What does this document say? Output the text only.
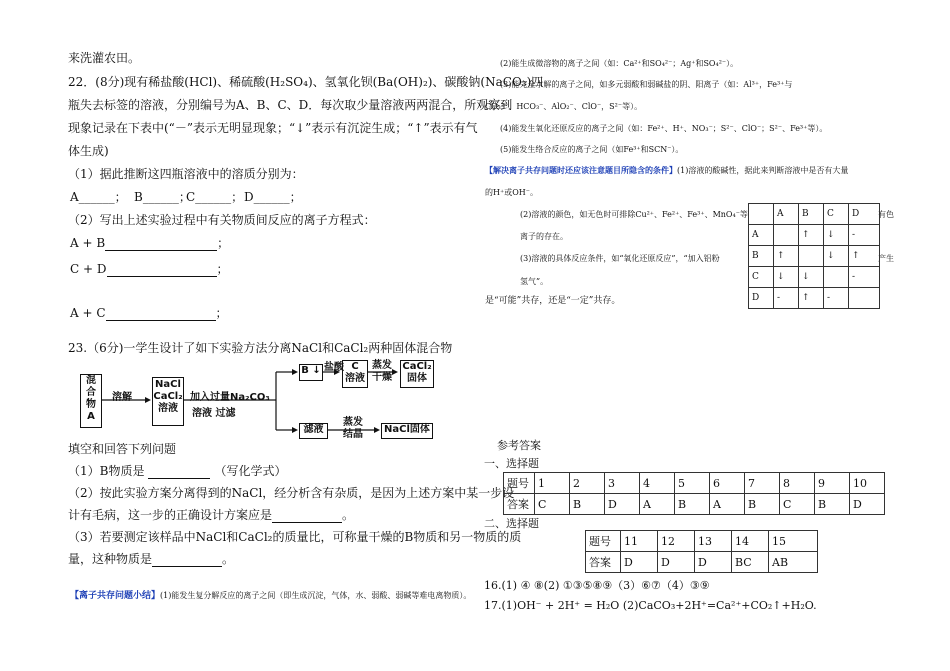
来洗灌农田。
22．(8分)现有稀盐酸(HCl)、稀硫酸(H₂SO₄)、氢氧化钡(Ba(OH)₂)、碳酸钠(NaCO₃)四
瓶失去标签的溶液，分别编号为A、B、C、D．每次取少量溶液两两混合，所观察到
现象记录在下表中(“－”表示无明显现象；“↓”表示有沉淀生成；“↑”表示有气
体生成)
（1）据此推断这四瓶溶液中的溶质分别为：
A______； B______；
C______； D______；
（2）写出上述实验过程中有关物质间反应的离子方程式：
A + B	；
C + D	；
A + C	；
23.（6分)一学生设计了如下实验方法分离NaCl和CaCl₂两种固体混合物
混
合
物
A
溶解
NaCl
CaCl₂
溶液
加入过量Na₂CO₃
溶液 过滤
B ↓ 盐酸 C
溶液
蒸发
干燥
CaCl₂
固体
滤液
蒸发
结晶	NaCl固体
填空和回答下列问题
（1）B物质是	（写化学式）
（2）按此实验方案分离得到的NaCl，经分析含有杂质，是因为上述方案中某一步设
计有毛病，这一步的正确设计方案应是	。
（3）若要测定该样品中NaCl和CaCl₂的质量比，可称量干燥的B物质和另一物质的质
量，这种物质是	。
【离子共存问题小结】(1)能发生复分解反应的离子之间（即生成沉淀，气体，水、弱酸、弱碱等难电离物质）。
(2)能生成微溶物的离子之间（如：Ca²⁺和SO₄²⁻；Ag⁺和SO₄²⁻）。
(3)能完全水解的离子之间，如多元弱酸和弱碱盐的阴、阳离子（如：Al³⁺，Fe³⁺与
CO₃²⁻、HCO₃⁻、AlO₂⁻、ClO⁻，S²⁻等）。
(4)能发生氧化还原反应的离子之间（如：Fe²⁺、H⁺、NO₃⁻；S²⁻、ClO⁻；S²⁻、Fe³⁺等）。
(5)能发生络合反应的离子之间（如Fe³⁺和SCN⁻）。
【解决离子共存问题时还应该注意题目所隐含的条件】(1)溶液的酸碱性，据此来判断溶液中是否有大量
的H⁺或OH⁻。
(2)溶液的颜色，如无色时可排除Cu²⁺、Fe²⁺、Fe³⁺、MnO₄⁻等
离子的存在。
(3)溶液的具体反应条件，如“氧化还原反应”，“加入铝粉
氢气”。
有色
产生
是“可能”共存，还是“一定”共存。
	A	B	C	D
A		↑	↓	-
B	↑		↓	↑
C	↓	↓		-
D	-	↑	-	
参考答案
一、选择题
题号	1	2	3	4	5	6	7	8	9	10
答案	C	B	D	A	B	A	B	C	B	D
二、选择题
题号	11	12	13	14	15
答案	D	D	D	BC	AB
16.(1) ④ ⑧(2) ①③⑤⑧⑨（3）⑥⑦（4）③⑨
17.(1)OH⁻ + 2H⁺ = H₂O (2)CaCO₃+2H⁺=Ca²⁺+CO₂↑+H₂O.
